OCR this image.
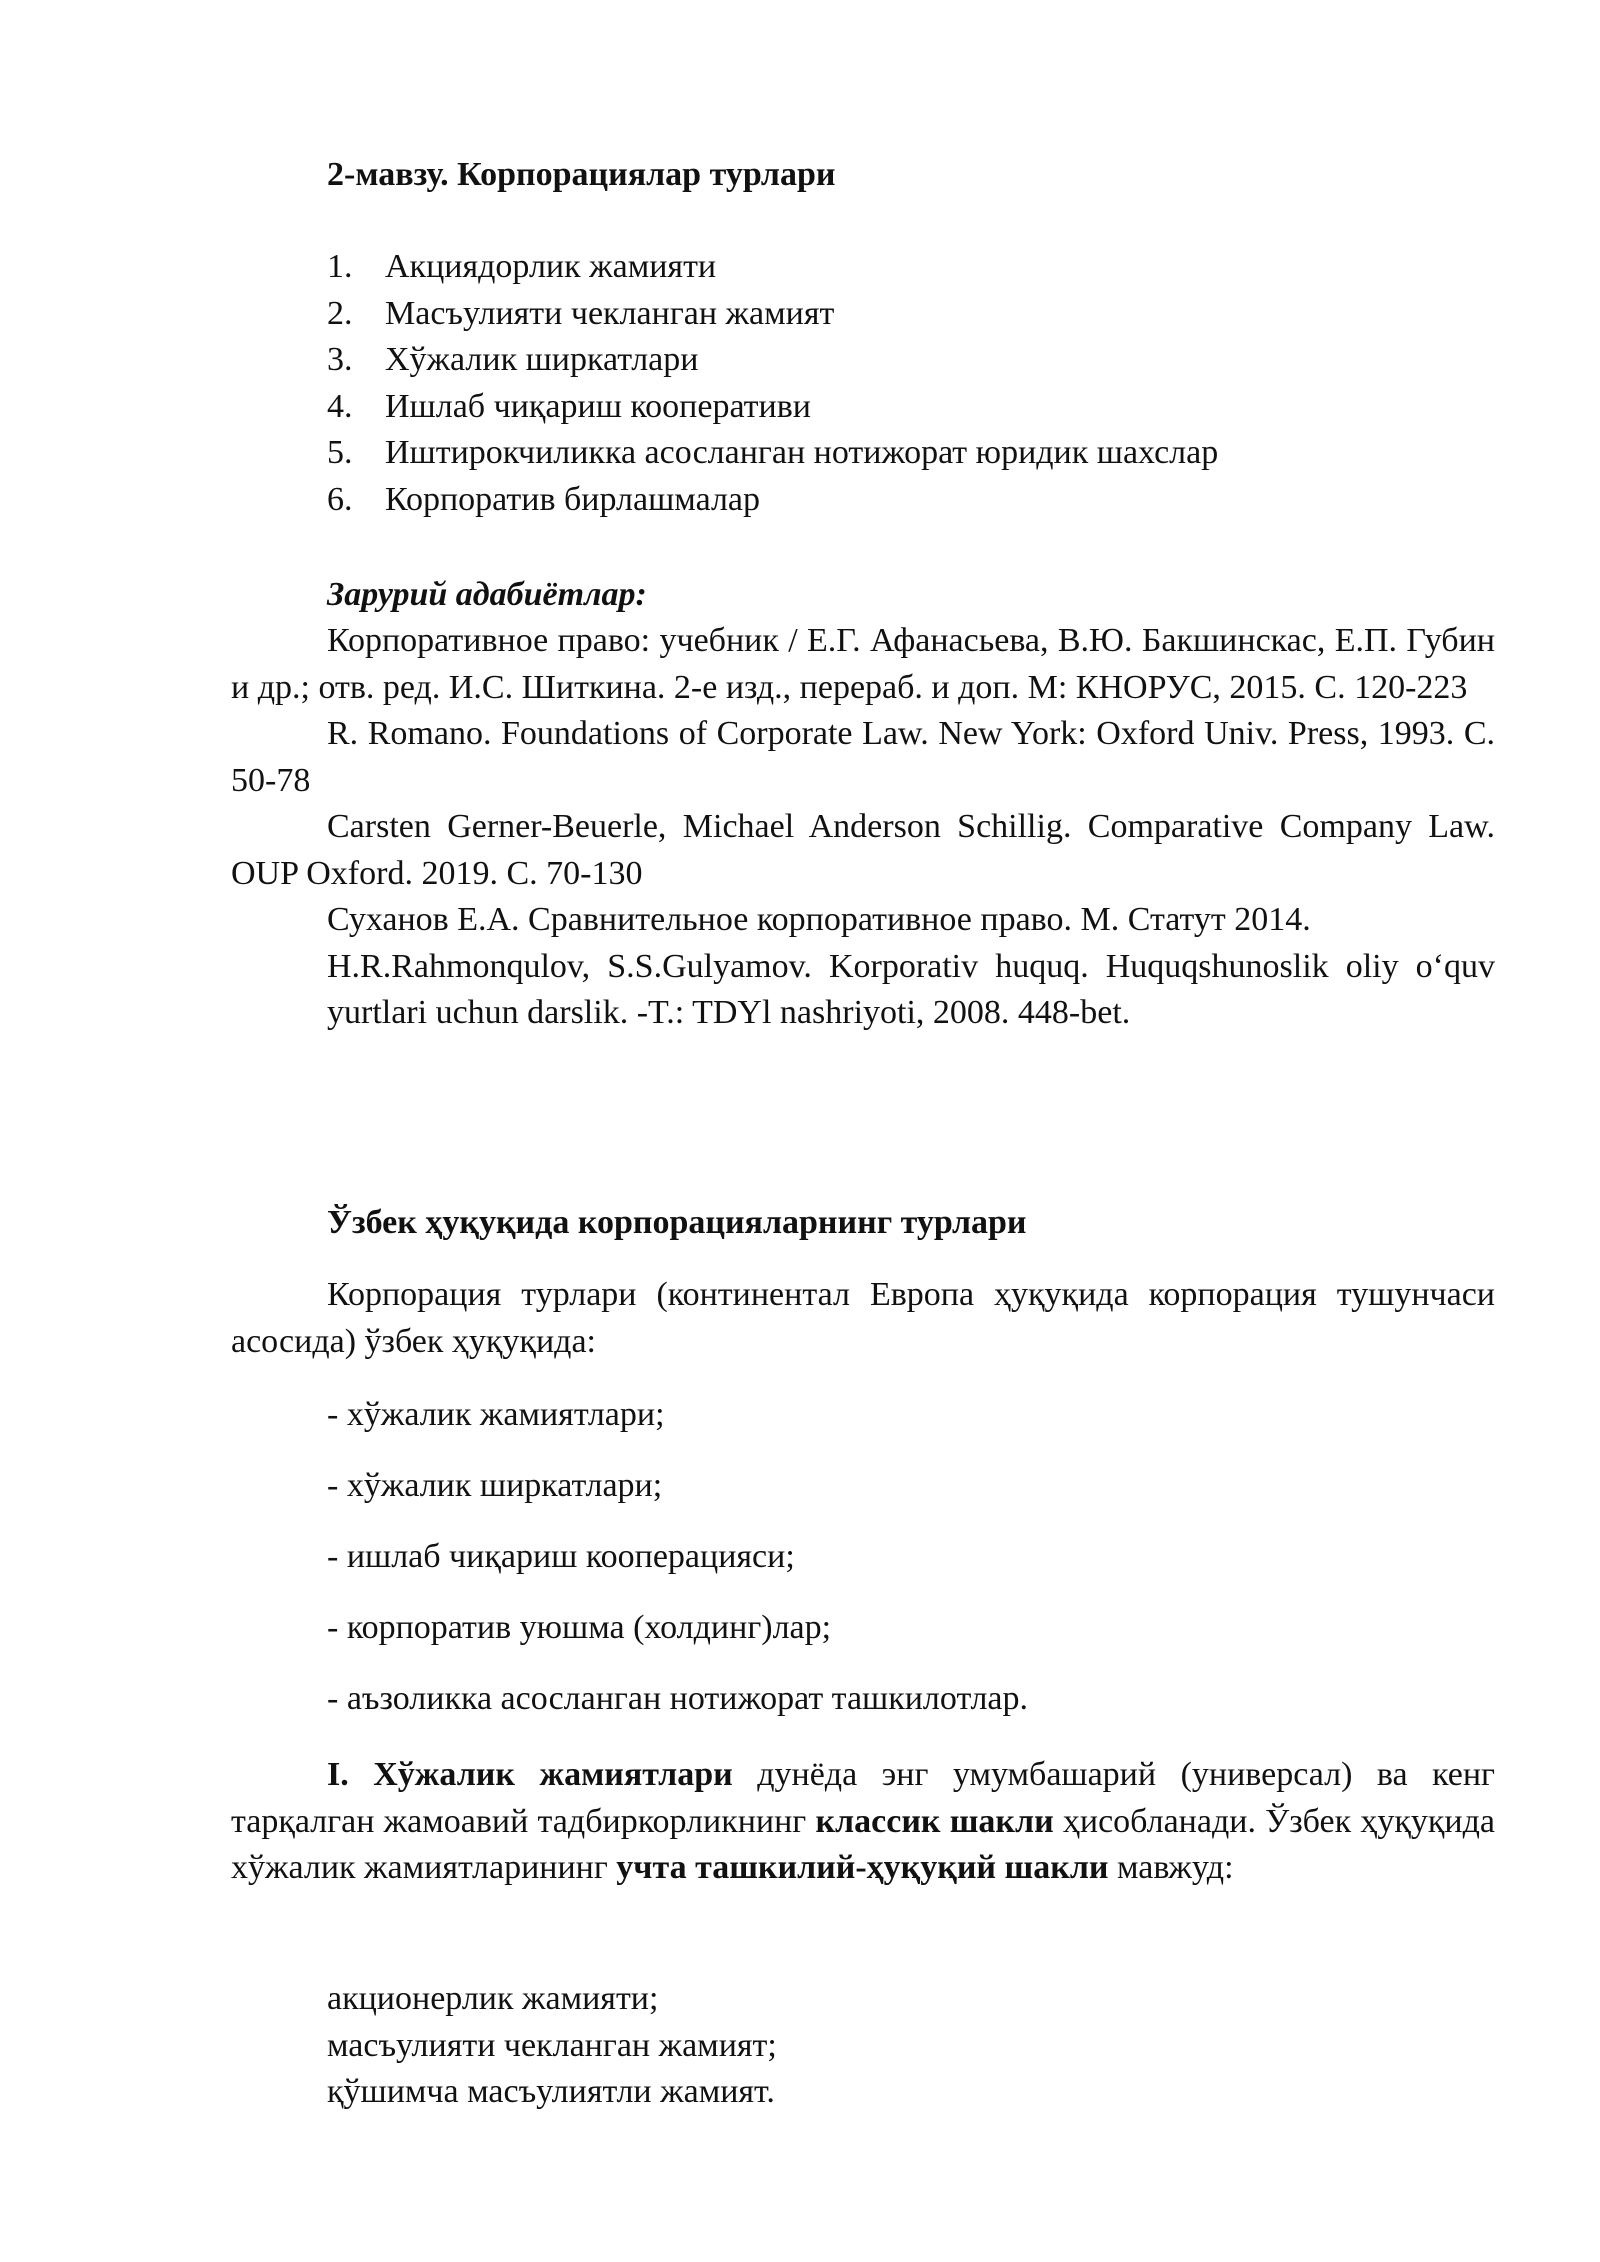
2-мавзу. Корпорациялар турлари
1. Акциядорлик жамияти
2. Масъулияти чекланган жамият
3. Хўжалик ширкатлари
4. Ишлаб чиқариш кооперативи
5. Иштирокчиликка асосланган нотижорат юридик шахслар
6. Корпоратив бирлашмалар
Зарурий адабиётлар:

Корпоративное право: учебник / Е.Г. Афанасьева, В.Ю. Бакшинскас, Е.П. Губин и др.; отв. ред. И.С. Шиткина. 2-е изд., перераб. и доп. М: КНОРУС, 2015. С. 120-223

R. Romano. Foundations of Corporate Law. New York: Oxford Univ. Press, 1993. C. 50-78

Carsten Gerner-Beuerle, Michael Anderson Schillig. Comparative Company Law. OUP Oxford. 2019. C. 70-130

Суханов Е.А. Сравнительное корпоративное право. М. Статут 2014.

H.R.Rahmonqulov, S.S.Gulyamov. Korporativ huquq. Huquqshunoslik oliy oʻquv yurtlari uchun darslik. -T.: TDYl nashriyoti, 2008. 448-bet.

Ўзбек ҳуқуқида корпорацияларнинг турлари

Корпорация турлари (континентал Европа ҳуқуқида корпорация тушунчаси асосида) ўзбек ҳуқуқида:

- хўжалик жамиятлари;
- хўжалик ширкатлари;
- ишлаб чиқариш кооперацияси;
- корпоратив уюшма (холдинг)лар;
- аъзоликка асосланган нотижорат ташкилотлар.

I. Хўжалик жамиятлари дунёда энг умумбашарий (универсал) ва кенг тарқалган жамоавий тадбиркорликнинг классик шакли ҳисобланади. Ўзбек ҳуқуқида хўжалик жамиятларининг учта ташкилий-ҳуқуқий шакли мавжуд:

акционерлик жамияти;
масъулияти чекланган жамият;
қўшимча масъулиятли жамият.
